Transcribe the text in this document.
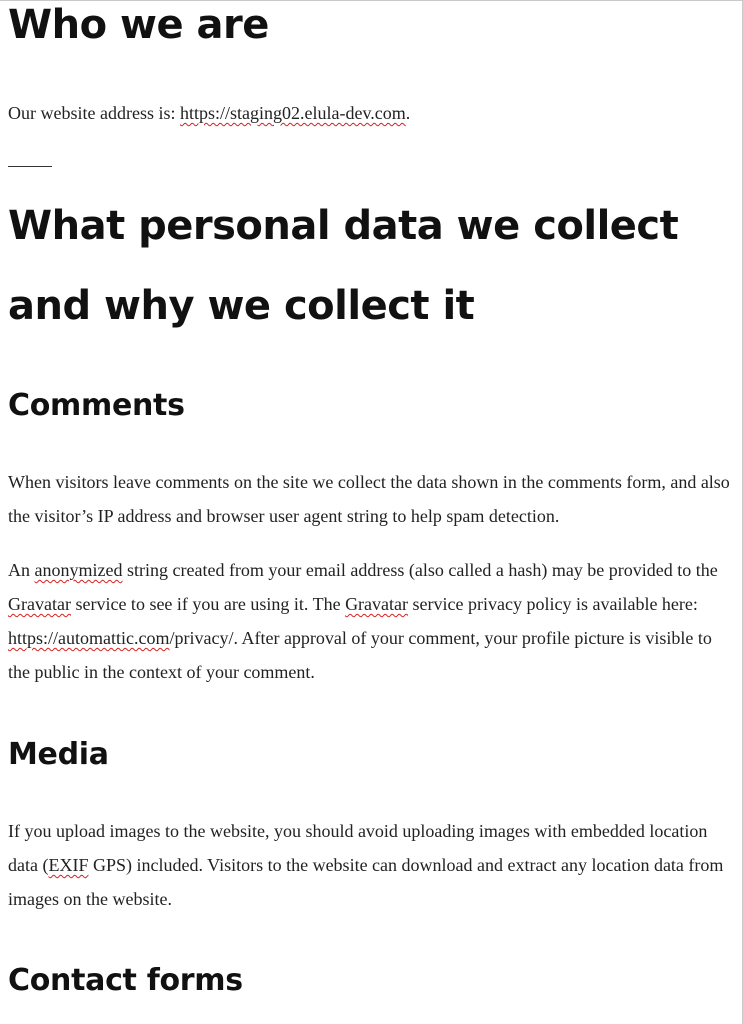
Who we are

Our website address is: https://staging02.elula-dev.com.

What personal data we collect and why we collect it
Comments

When visitors leave comments on the site we collect the data shown in the comments form, and also the visitor’s IP address and browser user agent string to help spam detection.

An anonymized string created from your email address (also called a hash) may be provided to the Gravatar service to see if you are using it. The Gravatar service privacy policy is available here: https://automattic.com/privacy/. After approval of your comment, your profile picture is visible to the public in the context of your comment.

Media

If you upload images to the website, you should avoid uploading images with embedded location data (EXIF GPS) included. Visitors to the website can download and extract any location data from images on the website.

Contact forms
